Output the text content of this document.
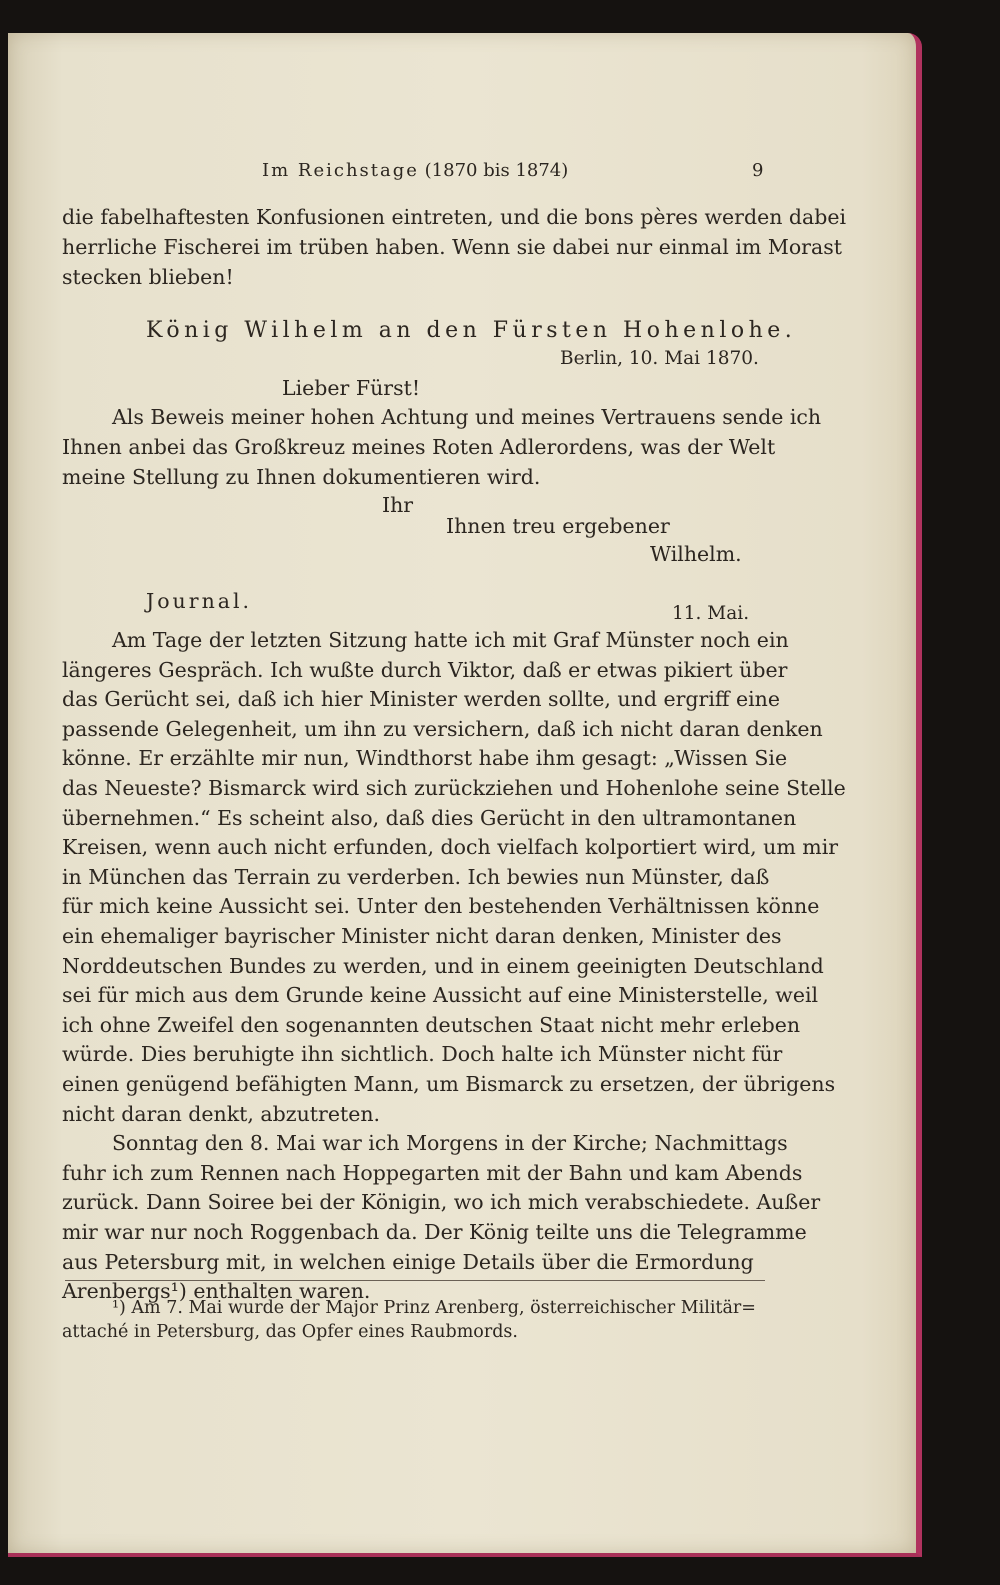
Im Reichstage (1870 bis 1874)	9
die fabelhaftesten Konfusionen eintreten, und die bons pères werden dabei
herrliche Fischerei im trüben haben. Wenn sie dabei nur einmal im Morast
stecken blieben!
König Wilhelm an den Fürsten Hohenlohe.
Berlin, 10. Mai 1870.
Lieber Fürst!
Als Beweis meiner hohen Achtung und meines Vertrauens sende ich
Ihnen anbei das Großkreuz meines Roten Adlerordens, was der Welt
meine Stellung zu Ihnen dokumentieren wird.
Ihr
Ihnen treu ergebener
Wilhelm.
Journal.
11. Mai.
Am Tage der letzten Sitzung hatte ich mit Graf Münster noch ein
längeres Gespräch. Ich wußte durch Viktor, daß er etwas pikiert über
das Gerücht sei, daß ich hier Minister werden sollte, und ergriff eine
passende Gelegenheit, um ihn zu versichern, daß ich nicht daran denken
könne. Er erzählte mir nun, Windthorst habe ihm gesagt: „Wissen Sie
das Neueste? Bismarck wird sich zurückziehen und Hohenlohe seine Stelle
übernehmen.“ Es scheint also, daß dies Gerücht in den ultramontanen
Kreisen, wenn auch nicht erfunden, doch vielfach kolportiert wird, um mir
in München das Terrain zu verderben. Ich bewies nun Münster, daß
für mich keine Aussicht sei. Unter den bestehenden Verhältnissen könne
ein ehemaliger bayrischer Minister nicht daran denken, Minister des
Norddeutschen Bundes zu werden, und in einem geeinigten Deutschland
sei für mich aus dem Grunde keine Aussicht auf eine Ministerstelle, weil
ich ohne Zweifel den sogenannten deutschen Staat nicht mehr erleben
würde. Dies beruhigte ihn sichtlich. Doch halte ich Münster nicht für
einen genügend befähigten Mann, um Bismarck zu ersetzen, der übrigens
nicht daran denkt, abzutreten.
Sonntag den 8. Mai war ich Morgens in der Kirche; Nachmittags
fuhr ich zum Rennen nach Hoppegarten mit der Bahn und kam Abends
zurück. Dann Soiree bei der Königin, wo ich mich verabschiedete. Außer
mir war nur noch Roggenbach da. Der König teilte uns die Telegramme
aus Petersburg mit, in welchen einige Details über die Ermordung
Arenbergs¹) enthalten waren.
¹) Am 7. Mai wurde der Major Prinz Arenberg, österreichischer Militär=
attaché in Petersburg, das Opfer eines Raubmords.
